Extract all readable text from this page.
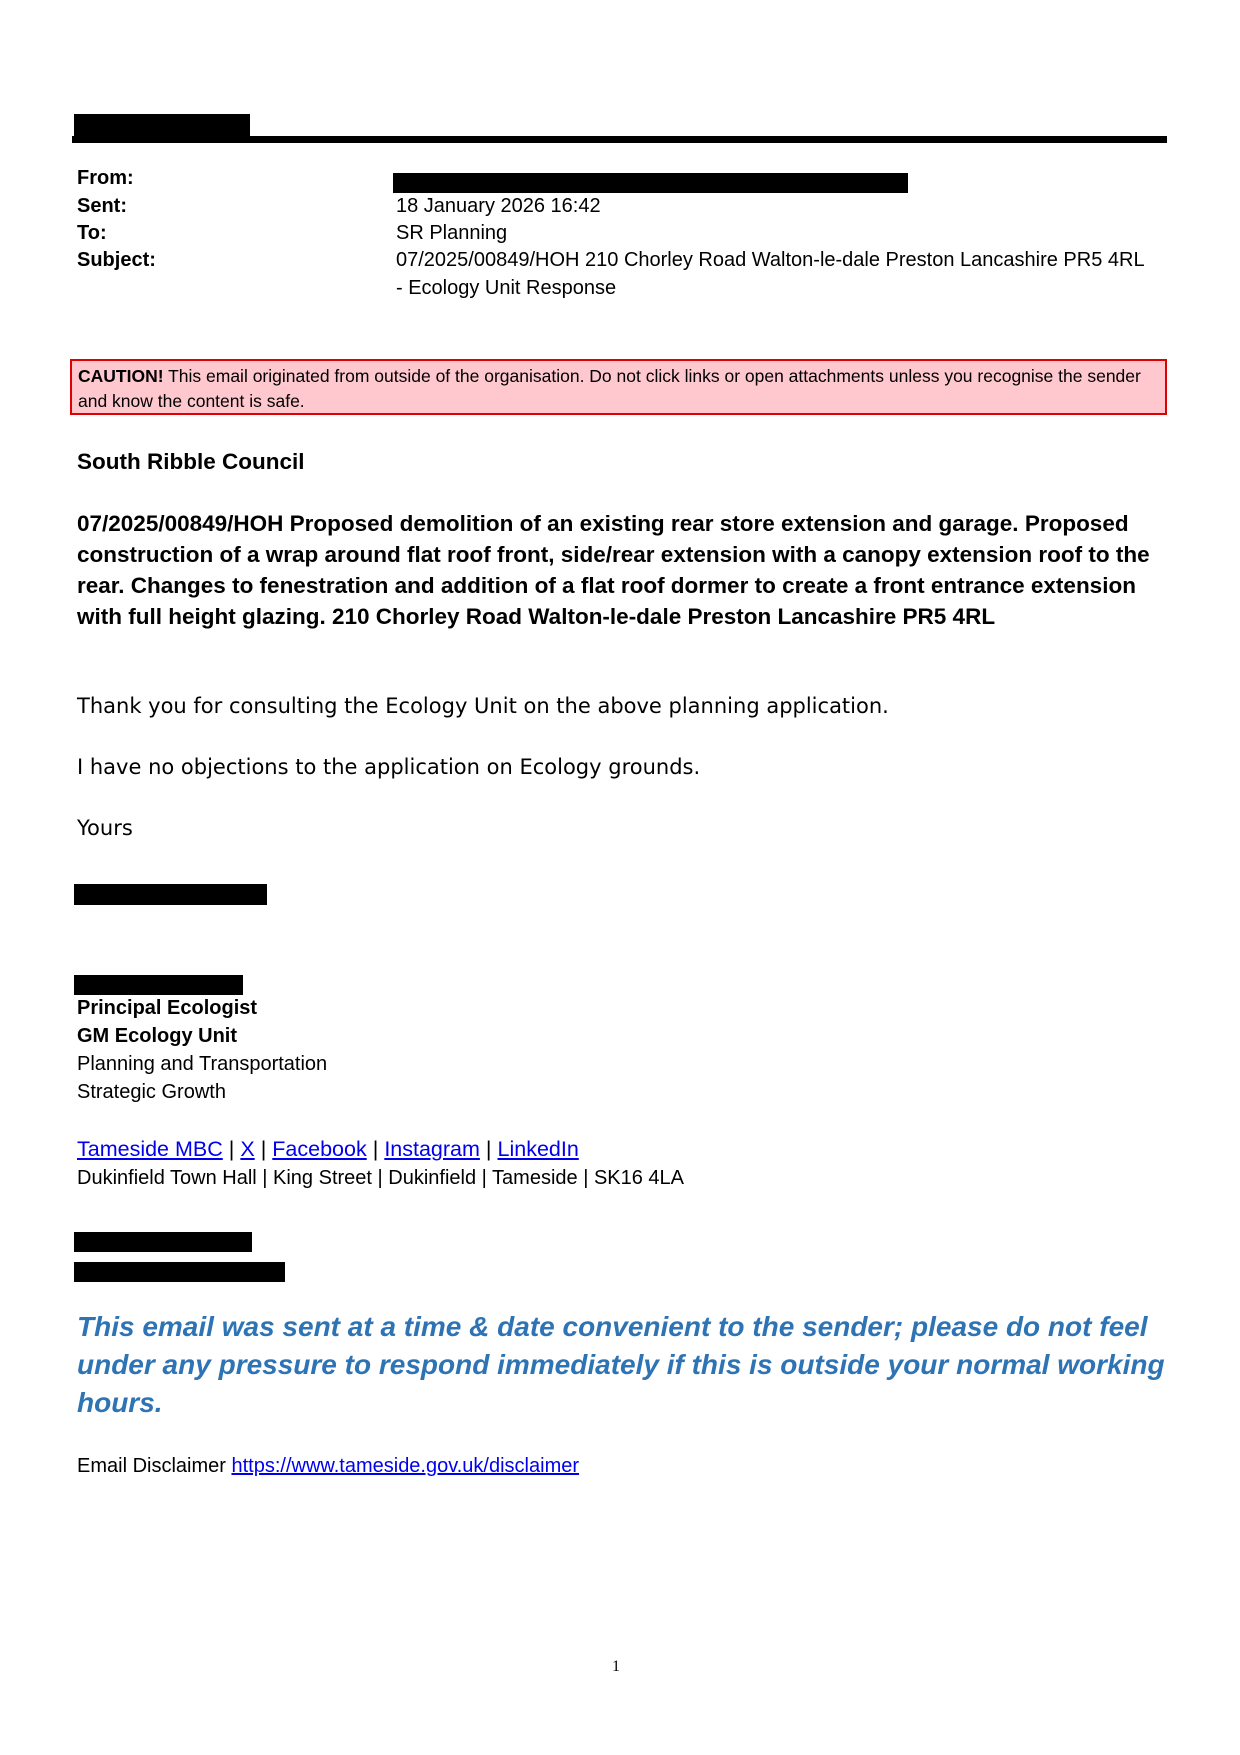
From:
Sent:	18 January 2026 16:42
To:	SR Planning
Subject:	07/2025/00849/HOH 210 Chorley Road Walton-le-dale Preston Lancashire PR5 4RL
- Ecology Unit Response
CAUTION! This email originated from outside of the organisation. Do not click links or open attachments unless you recognise the sender and know the content is safe.
South Ribble Council
07/2025/00849/HOH Proposed demolition of an existing rear store extension and garage. Proposed construction of a wrap around flat roof front, side/rear extension with a canopy extension roof to the rear. Changes to fenestration and addition of a flat roof dormer to create a front entrance extension with full height glazing. 210 Chorley Road Walton-le-dale Preston Lancashire PR5 4RL
Thank you for consulting the Ecology Unit on the above planning application.
I have no objections to the application on Ecology grounds.
Yours
Principal Ecologist
GM Ecology Unit
Planning and Transportation
Strategic Growth
Tameside MBC | X | Facebook | Instagram | LinkedIn
Dukinfield Town Hall | King Street | Dukinfield | Tameside | SK16 4LA
This email was sent at a time & date convenient to the sender; please do not feel under any pressure to respond immediately if this is outside your normal working hours.
Email Disclaimer https://www.tameside.gov.uk/disclaimer
1
